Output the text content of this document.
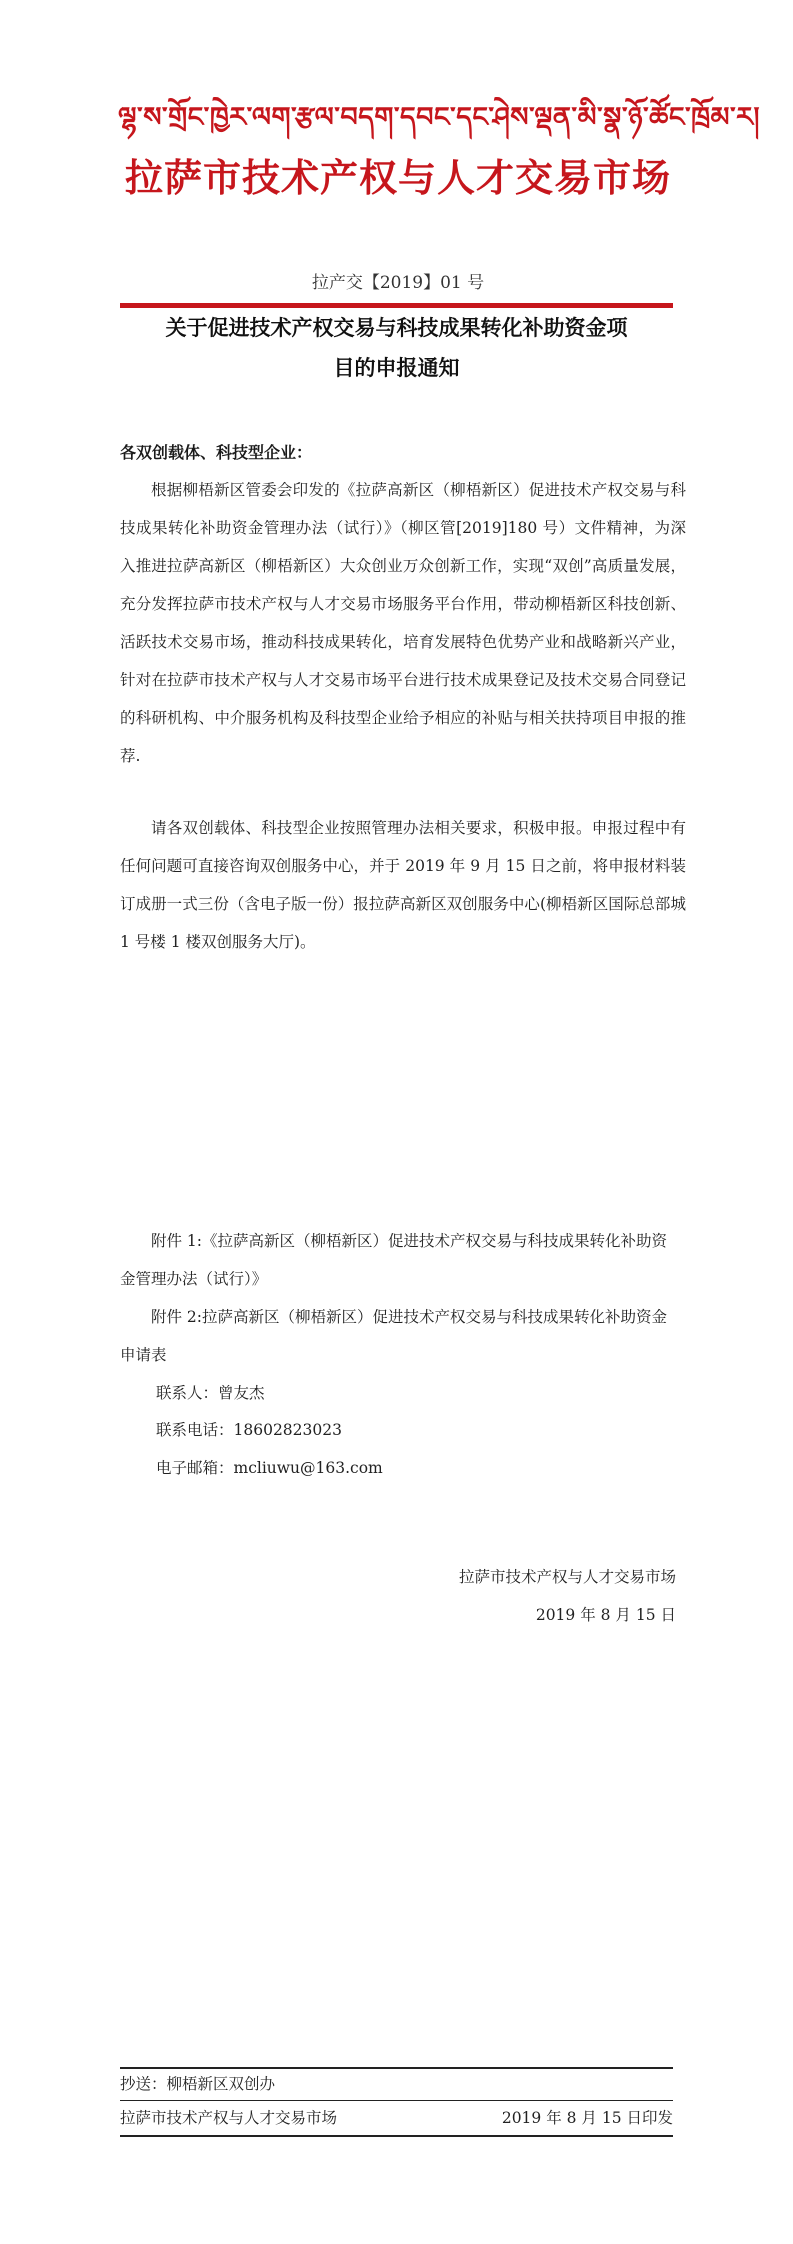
ལྷ་ས་གྲོང་ཁྱེར་ལག་རྩལ་བདག་དབང་དང་ཤེས་ལྡན་མི་སྣ་ཉོ་ཚོང་ཁྲོམ་ར།
拉萨市技术产权与人才交易市场
拉产交【2019】01 号
关于促进技术产权交易与科技成果转化补助资金项
目的申报通知
各双创载体、科技型企业：
根据柳梧新区管委会印发的《拉萨高新区（柳梧新区）促进技术产权交易与科技成果转化补助资金管理办法（试行）》（柳区管[2019]180 号）文件精神，为深入推进拉萨高新区（柳梧新区）大众创业万众创新工作，实现“双创”高质量发展，充分发挥拉萨市技术产权与人才交易市场服务平台作用，带动柳梧新区科技创新、活跃技术交易市场，推动科技成果转化，培育发展特色优势产业和战略新兴产业，针对在拉萨市技术产权与人才交易市场平台进行技术成果登记及技术交易合同登记的科研机构、中介服务机构及科技型企业给予相应的补贴与相关扶持项目申报的推荐.
请各双创载体、科技型企业按照管理办法相关要求，积极申报。申报过程中有任何问题可直接咨询双创服务中心，并于 2019 年 9 月 15 日之前，将申报材料装订成册一式三份（含电子版一份）报拉萨高新区双创服务中心(柳梧新区国际总部城 1 号楼 1 楼双创服务大厅)。
附件 1:《拉萨高新区（柳梧新区）促进技术产权交易与科技成果转化补助资金管理办法（试行）》
附件 2:拉萨高新区（柳梧新区）促进技术产权交易与科技成果转化补助资金申请表
联系人：曾友杰
联系电话：18602823023
电子邮箱：mcliuwu@163.com
拉萨市技术产权与人才交易市场
2019 年 8 月 15 日
抄送：柳梧新区双创办
拉萨市技术产权与人才交易市场	2019 年 8 月 15 日印发
